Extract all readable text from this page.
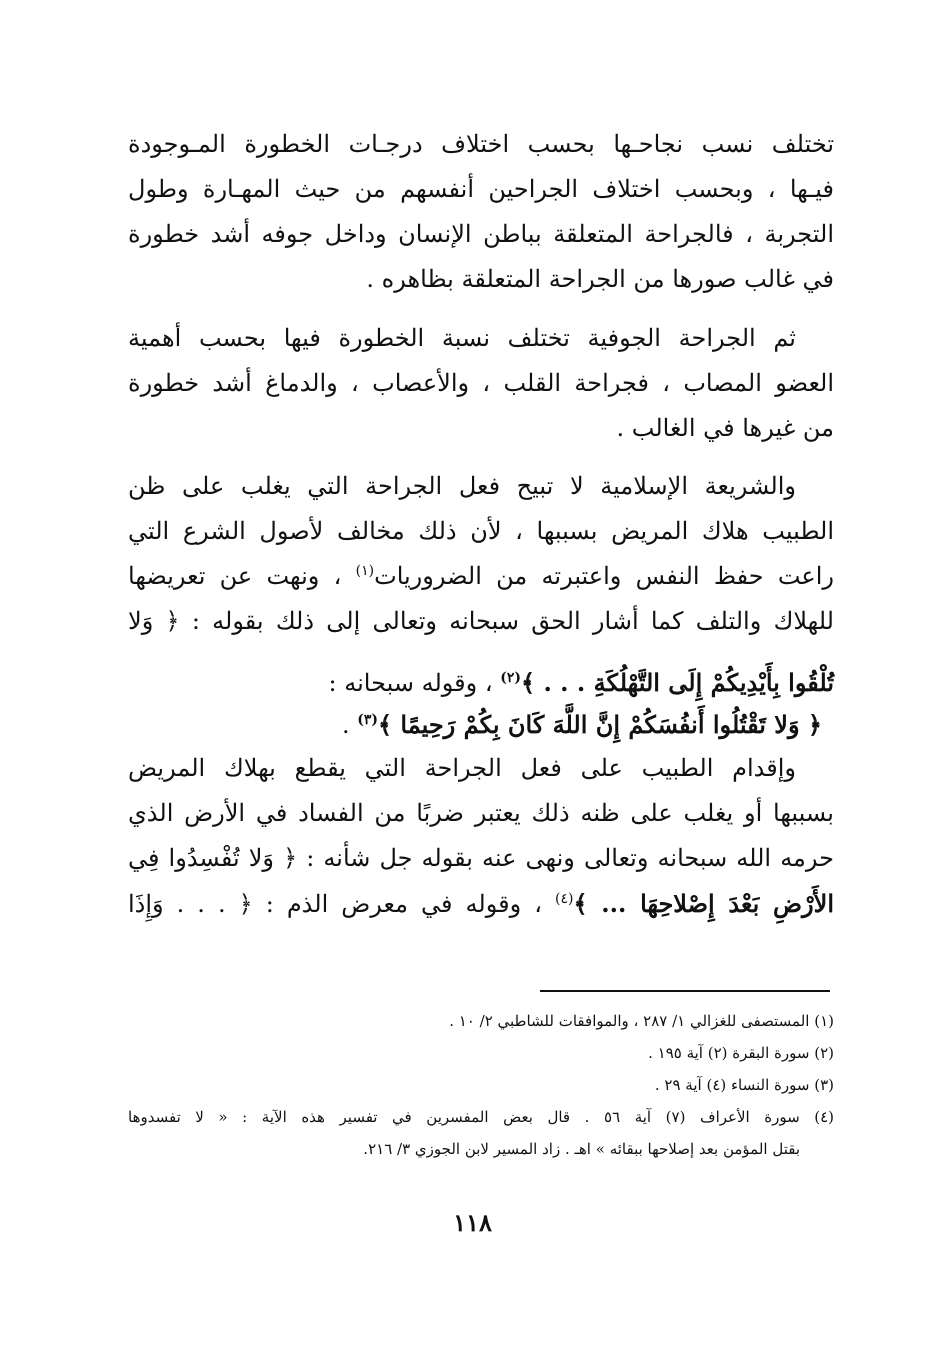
تختلف نسب نجاحـها بحسب اختلاف درجـات الخطورة المـوجودة
فيـها ، وبحسب اختلاف الجراحين أنفسهم من حيث المهـارة وطول
التجربة ، فالجراحة المتعلقة بباطن الإنسان وداخل جوفه أشد خطورة
في غالب صورها من الجراحة المتعلقة بظاهره .
ثم الجراحة الجوفية تختلف نسبة الخطورة فيها بحسب أهمية
العضو المصاب ، فجراحة القلب ، والأعصاب ، والدماغ أشد خطورة
من غيرها في الغالب .
والشريعة الإسلامية لا تبيح فعل الجراحة التي يغلب على ظن
الطبيب هلاك المريض بسببها ، لأن ذلك مخالف لأصول الشرع التي
راعت حفظ النفس واعتبرته من الضروريات$^{(١)}$ ، ونهت عن تعريضها
للهلاك والتلف كما أشار الحق سبحانه وتعالى إلى ذلك بقوله : ﴿ وَلا
تُلْقُوا بِأَيْدِيكُمْ إِلَى التَّهْلُكَةِ . . . ﴾$^{(٢)}$ ، وقوله سبحانه :
﴿ وَلا تَقْتُلُوا أَنفُسَكُمْ إِنَّ اللَّهَ كَانَ بِكُمْ رَحِيمًا ﴾$^{(٣)}$ .
وإقدام الطبيب على فعل الجراحة التي يقطع بهلاك المريض
بسببها أو يغلب على ظنه ذلك يعتبر ضربًا من الفساد في الأرض الذي
حرمه الله سبحانه وتعالى ونهى عنه بقوله جل شأنه : ﴿ وَلا تُفْسِدُوا فِي
الأَرْضِ بَعْدَ إِصْلاحِهَا ... ﴾$^{(٤)}$ ، وقوله في معرض الذم : ﴿ . . . وَإِذَا
(١) المستصفى للغزالي ١/ ٢٨٧ ، والموافقات للشاطبي ٢/ ١٠ .
(٢) سورة البقرة (٢) آية ١٩٥ .
(٣) سورة النساء (٤) آية ٢٩ .
(٤) سورة الأعراف (٧) آية ٥٦ . قال بعض المفسرين في تفسير هذه الآية : « لا تفسدوها
بقتل المؤمن بعد إصلاحها ببقائه » اهـ . زاد المسير لابن الجوزي ٣/ ٢١٦.
١١٨
